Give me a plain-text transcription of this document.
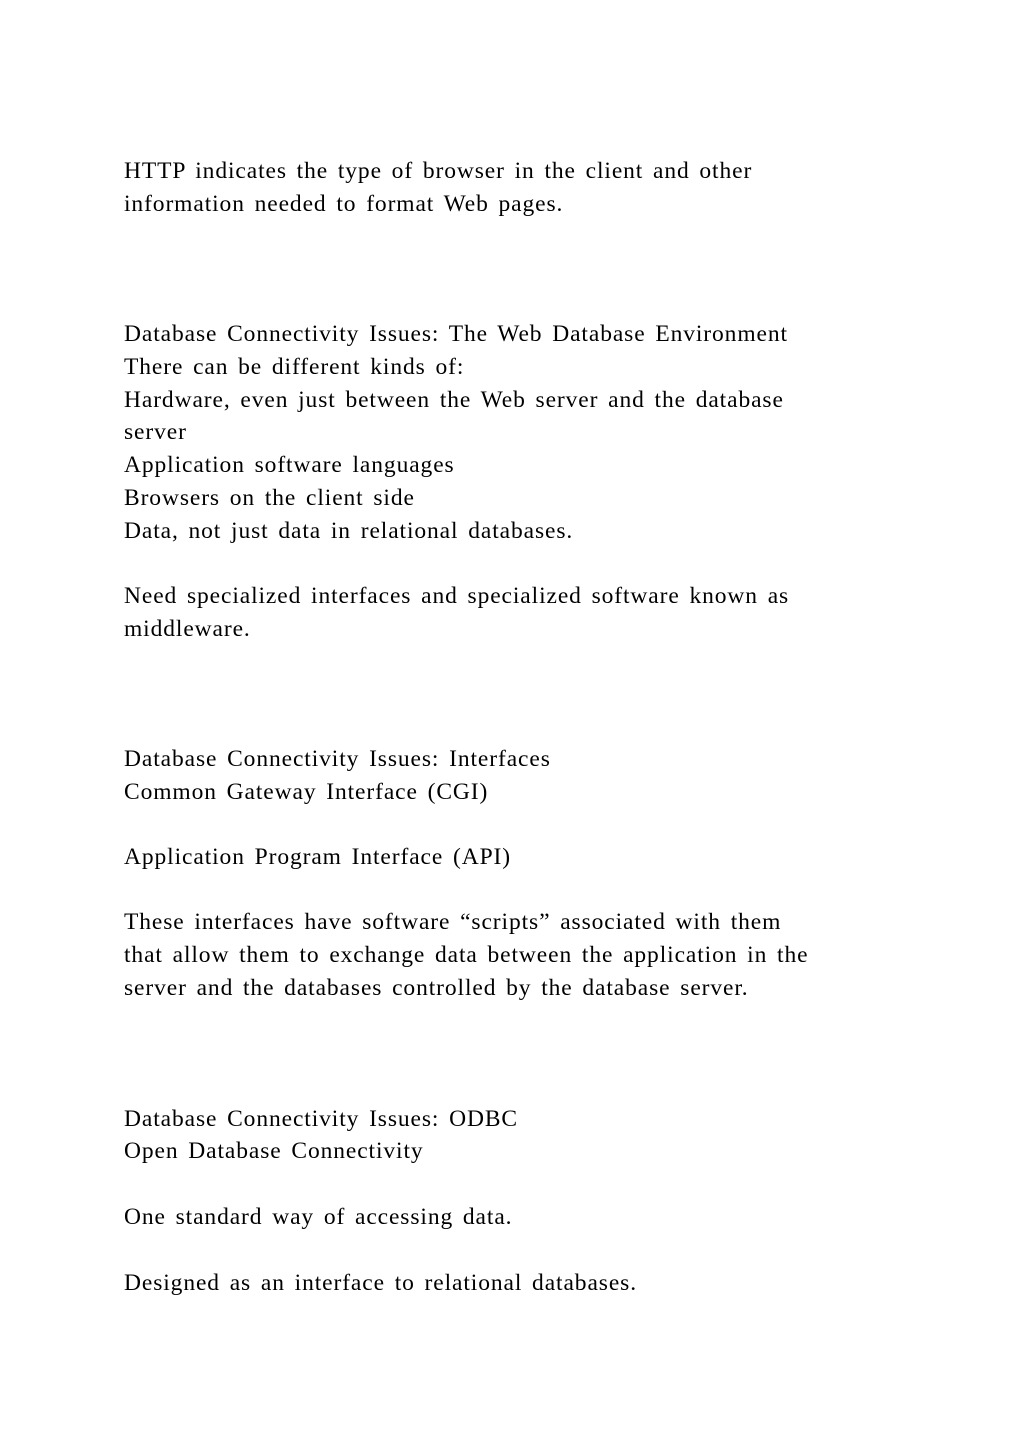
HTTP indicates the type of browser in the client and other

information needed to format Web pages.

Database Connectivity Issues: The Web Database Environment

There can be different kinds of:

Hardware, even just between the Web server and the database

server

Application software languages

Browsers on the client side

Data, not just data in relational databases.

Need specialized interfaces and specialized software known as

middleware.

Database Connectivity Issues: Interfaces

Common Gateway Interface (CGI)

Application Program Interface (API)

These interfaces have software “scripts” associated with them

that allow them to exchange data between the application in the

server and the databases controlled by the database server.

Database Connectivity Issues: ODBC

Open Database Connectivity

One standard way of accessing data.

Designed as an interface to relational databases.
